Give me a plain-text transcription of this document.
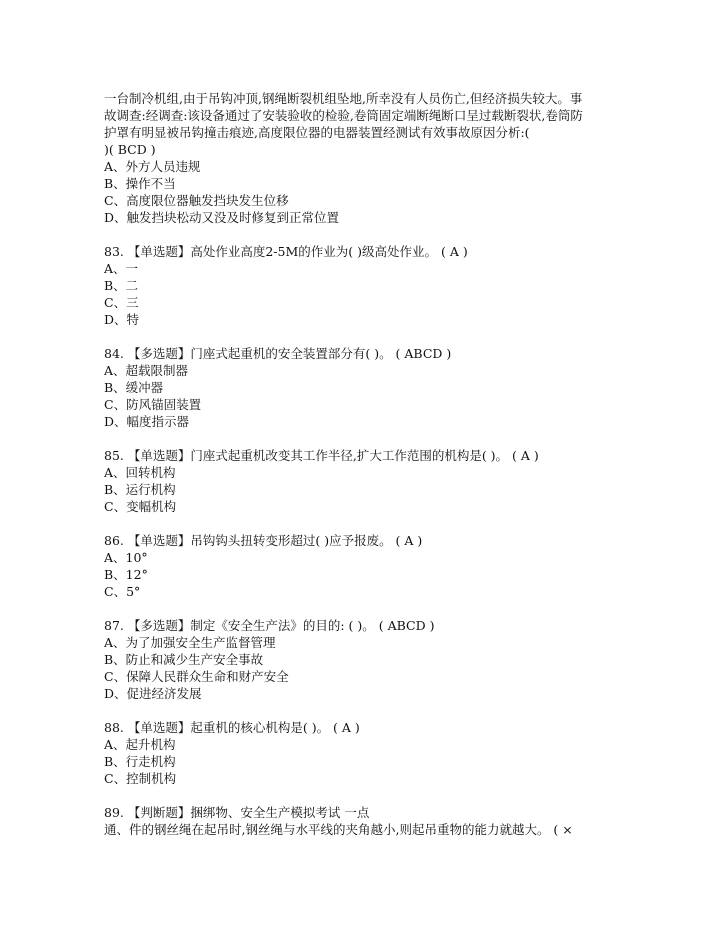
一台制冷机组,由于吊钩冲顶,钢绳断裂机组坠地,所幸没有人员伤亡,但经济损失较大。事
故调查:经调查:该设备通过了安装验收的检验,卷筒固定端断绳断口呈过载断裂状,卷筒防
护罩有明显被吊钩撞击痕迹,高度限位器的电器装置经测试有效事故原因分析:(
)( BCD )
A、外方人员违规
B、操作不当
C、高度限位器触发挡块发生位移
D、触发挡块松动又没及时修复到正常位置
83. 【单选题】高处作业高度2-5M的作业为( )级高处作业。 ( A )
A、一
B、二
C、三
D、特
84. 【多选题】门座式起重机的安全装置部分有( )。 ( ABCD )
A、超载限制器
B、缓冲器
C、防风锚固装置
D、幅度指示器
85. 【单选题】门座式起重机改变其工作半径,扩大工作范围的机构是( )。 ( A )
A、回转机构
B、运行机构
C、变幅机构
86. 【单选题】吊钩钩头扭转变形超过( )应予报废。 ( A )
A、10°
B、12°
C、5°
87. 【多选题】制定《安全生产法》的目的: ( )。 ( ABCD )
A、为了加强安全生产监督管理
B、防止和减少生产安全事故
C、保障人民群众生命和财产安全
D、促进经济发展
88. 【单选题】起重机的核心机构是( )。 ( A )
A、起升机构
B、行走机构
C、控制机构
89. 【判断题】捆绑物、安全生产模拟考试 一点
通、件的钢丝绳在起吊时,钢丝绳与水平线的夹角越小,则起吊重物的能力就越大。 ( ×
